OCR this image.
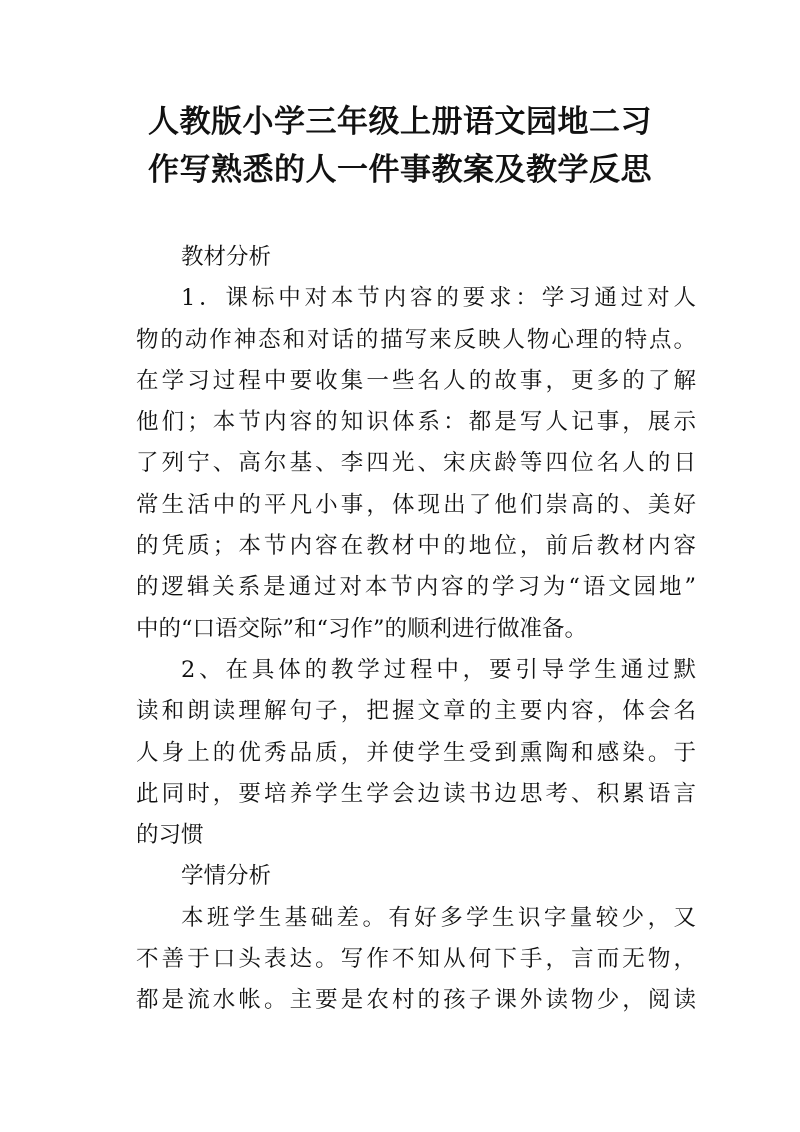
人教版小学三年级上册语文园地二习
作写熟悉的人一件事教案及教学反思
教材分析
1．课标中对本节内容的要求：学习通过对人
物的动作神态和对话的描写来反映人物心理的特点。
在学习过程中要收集一些名人的故事，更多的了解
他们；本节内容的知识体系：都是写人记事，展示
了列宁、高尔基、李四光、宋庆龄等四位名人的日
常生活中的平凡小事，体现出了他们崇高的、美好
的凭质；本节内容在教材中的地位，前后教材内容
的逻辑关系是通过对本节内容的学习为“语文园地”
中的“口语交际”和“习作”的顺利进行做准备。
2、在具体的教学过程中，要引导学生通过默
读和朗读理解句子，把握文章的主要内容，体会名
人身上的优秀品质，并使学生受到熏陶和感染。于
此同时，要培养学生学会边读书边思考、积累语言
的习惯
学情分析
本班学生基础差。有好多学生识字量较少，又
不善于口头表达。写作不知从何下手，言而无物，
都是流水帐。主要是农村的孩子课外读物少，阅读
